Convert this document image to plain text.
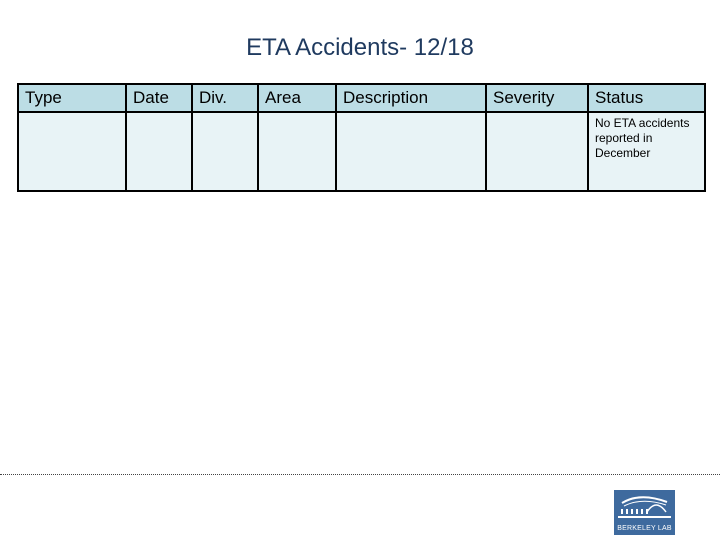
ETA Accidents- 12/18
Type	Date	Div.	Area	Description	Severity	Status
						No ETA accidents reported in December
BERKELEY LAB
